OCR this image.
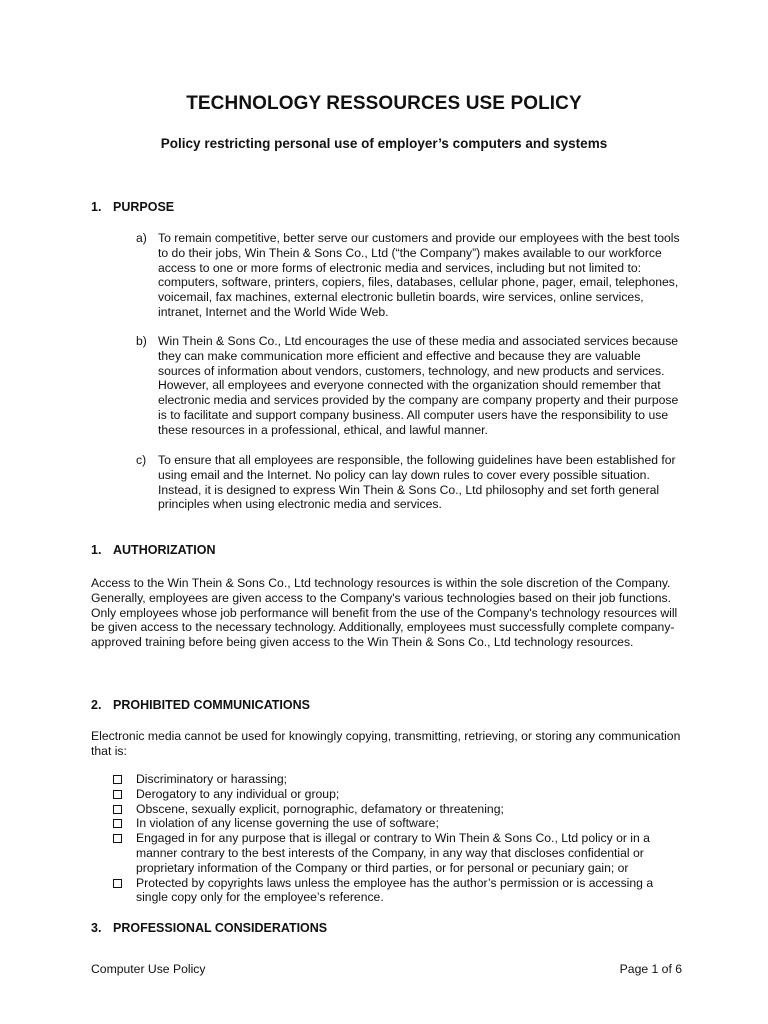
TECHNOLOGY RESSOURCES USE POLICY
Policy restricting personal use of employer’s computers and systems
1. PURPOSE
a) To remain competitive, better serve our customers and provide our employees with the best tools to do their jobs, Win Thein & Sons Co., Ltd (“the Company”) makes available to our workforce access to one or more forms of electronic media and services, including but not limited to: computers, software, printers, copiers, files, databases, cellular phone, pager, email, telephones, voicemail, fax machines, external electronic bulletin boards, wire services, online services, intranet, Internet and the World Wide Web.
b) Win Thein & Sons Co., Ltd encourages the use of these media and associated services because they can make communication more efficient and effective and because they are valuable sources of information about vendors, customers, technology, and new products and services. However, all employees and everyone connected with the organization should remember that electronic media and services provided by the company are company property and their purpose is to facilitate and support company business. All computer users have the responsibility to use these resources in a professional, ethical, and lawful manner.
c) To ensure that all employees are responsible, the following guidelines have been established for using email and the Internet. No policy can lay down rules to cover every possible situation. Instead, it is designed to express Win Thein & Sons Co., Ltd philosophy and set forth general principles when using electronic media and services.
1. AUTHORIZATION
Access to the Win Thein & Sons Co., Ltd technology resources is within the sole discretion of the Company. Generally, employees are given access to the Company's various technologies based on their job functions. Only employees whose job performance will benefit from the use of the Company's technology resources will be given access to the necessary technology. Additionally, employees must successfully complete company-approved training before being given access to the Win Thein & Sons Co., Ltd technology resources.
2. PROHIBITED COMMUNICATIONS
Electronic media cannot be used for knowingly copying, transmitting, retrieving, or storing any communication that is:
Discriminatory or harassing;
Derogatory to any individual or group;
Obscene, sexually explicit, pornographic, defamatory or threatening;
In violation of any license governing the use of software;
Engaged in for any purpose that is illegal or contrary to Win Thein & Sons Co., Ltd policy or in a manner contrary to the best interests of the Company, in any way that discloses confidential or proprietary information of the Company or third parties, or for personal or pecuniary gain; or
Protected by copyrights laws unless the employee has the author’s permission or is accessing a single copy only for the employee’s reference.
3. PROFESSIONAL CONSIDERATIONS
Computer Use Policy	Page 1 of 6
